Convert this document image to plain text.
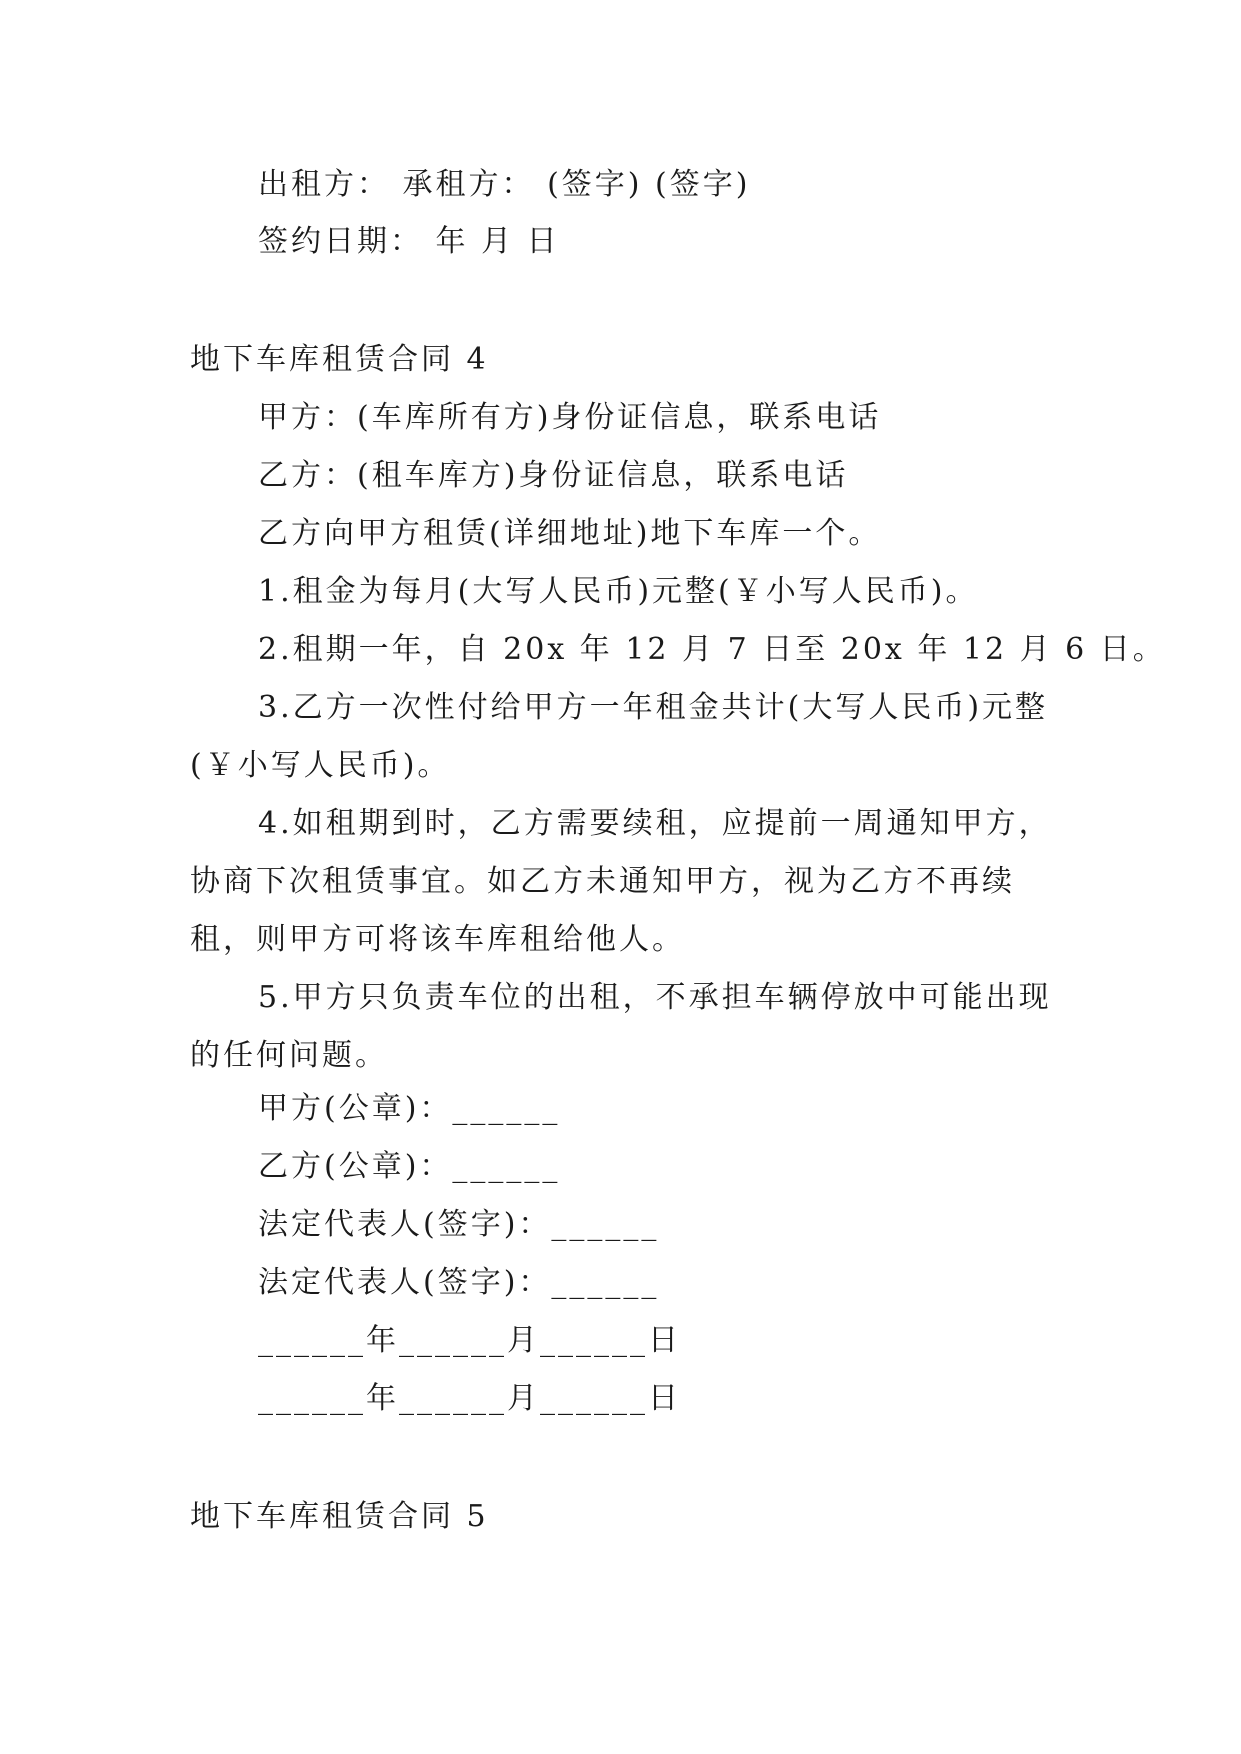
出租方： 承租方： (签字) (签字)
签约日期： 年 月 日
地下车库租赁合同 4
甲方：(车库所有方)身份证信息，联系电话
乙方：(租车库方)身份证信息，联系电话
乙方向甲方租赁(详细地址)地下车库一个。
1.租金为每月(大写人民币)元整(￥小写人民币)。
2.租期一年，自 20x 年 12 月 7 日至 20x 年 12 月 6 日。
3.乙方一次性付给甲方一年租金共计(大写人民币)元整(￥小写人民币)。
4.如租期到时，乙方需要续租，应提前一周通知甲方，协商下次租赁事宜。如乙方未通知甲方，视为乙方不再续租，则甲方可将该车库租给他人。
5.甲方只负责车位的出租，不承担车辆停放中可能出现的任何问题。
甲方(公章)：______
乙方(公章)：______
法定代表人(签字)：______
法定代表人(签字)：______
______年______月______日
______年______月______日
地下车库租赁合同 5
